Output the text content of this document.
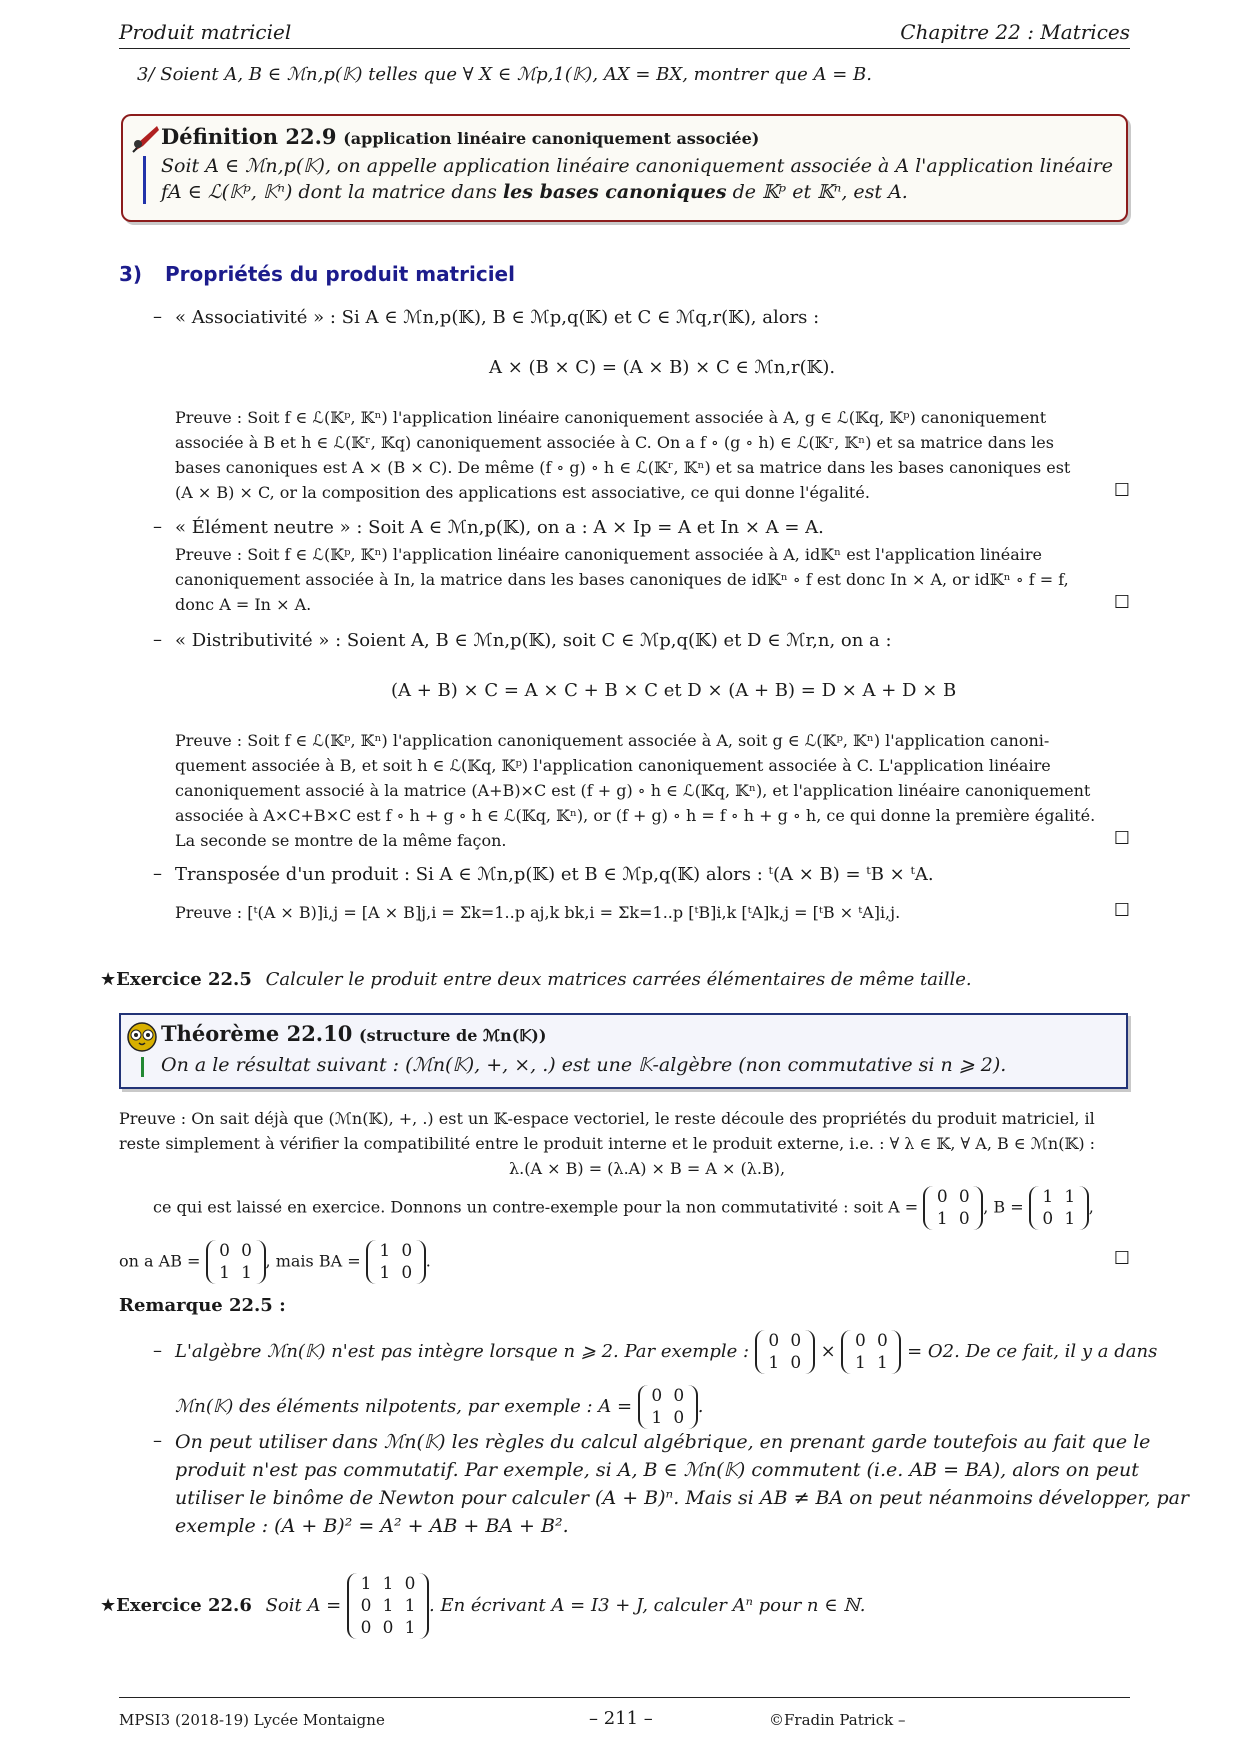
Produit matriciel	Chapitre 22 : Matrices
3/ Soient A, B ∈ ℳn,p(𝕂) telles que ∀ X ∈ ℳp,1(𝕂), AX = BX, montrer que A = B.
Définition 22.9 (application linéaire canoniquement associée)
Soit A ∈ ℳn,p(𝕂), on appelle application linéaire canoniquement associée à A l'application linéaire
fA ∈ ℒ(𝕂ᵖ, 𝕂ⁿ) dont la matrice dans les bases canoniques de 𝕂ᵖ et 𝕂ⁿ, est A.
3) Propriétés du produit matriciel
– « Associativité » : Si A ∈ ℳn,p(𝕂), B ∈ ℳp,q(𝕂) et C ∈ ℳq,r(𝕂), alors :
A × (B × C) = (A × B) × C ∈ ℳn,r(𝕂).
Preuve : Soit f ∈ ℒ(𝕂ᵖ, 𝕂ⁿ) l'application linéaire canoniquement associée à A, g ∈ ℒ(𝕂q, 𝕂ᵖ) canoniquement
associée à B et h ∈ ℒ(𝕂ʳ, 𝕂q) canoniquement associée à C. On a f ∘ (g ∘ h) ∈ ℒ(𝕂ʳ, 𝕂ⁿ) et sa matrice dans les
bases canoniques est A × (B × C). De même (f ∘ g) ∘ h ∈ ℒ(𝕂ʳ, 𝕂ⁿ) et sa matrice dans les bases canoniques est
(A × B) × C, or la composition des applications est associative, ce qui donne l'égalité.	☐
– « Élément neutre » : Soit A ∈ ℳn,p(𝕂), on a : A × Ip = A et In × A = A.
Preuve : Soit f ∈ ℒ(𝕂ᵖ, 𝕂ⁿ) l'application linéaire canoniquement associée à A, id𝕂ⁿ est l'application linéaire
canoniquement associée à In, la matrice dans les bases canoniques de id𝕂ⁿ ∘ f est donc In × A, or id𝕂ⁿ ∘ f = f,
donc A = In × A.	☐
– « Distributivité » : Soient A, B ∈ ℳn,p(𝕂), soit C ∈ ℳp,q(𝕂) et D ∈ ℳr,n, on a :
(A + B) × C = A × C + B × C et D × (A + B) = D × A + D × B
Preuve : Soit f ∈ ℒ(𝕂ᵖ, 𝕂ⁿ) l'application canoniquement associée à A, soit g ∈ ℒ(𝕂ᵖ, 𝕂ⁿ) l'application canoni-
quement associée à B, et soit h ∈ ℒ(𝕂q, 𝕂ᵖ) l'application canoniquement associée à C. L'application linéaire
canoniquement associé à la matrice (A+B)×C est (f + g) ∘ h ∈ ℒ(𝕂q, 𝕂ⁿ), et l'application linéaire canoniquement
associée à A×C+B×C est f ∘ h + g ∘ h ∈ ℒ(𝕂q, 𝕂ⁿ), or (f + g) ∘ h = f ∘ h + g ∘ h, ce qui donne la première égalité.
La seconde se montre de la même façon.	☐
– Transposée d'un produit : Si A ∈ ℳn,p(𝕂) et B ∈ ℳp,q(𝕂) alors : ᵗ(A × B) = ᵗB × ᵗA.
Preuve : [ᵗ(A × B)]i,j = [A × B]j,i = Σk=1..p aj,k bk,i = Σk=1..p [ᵗB]i,k [ᵗA]k,j = [ᵗB × ᵗA]i,j.	☐
★Exercice 22.5 Calculer le produit entre deux matrices carrées élémentaires de même taille.
Théorème 22.10 (structure de ℳn(𝕂))
On a le résultat suivant : (ℳn(𝕂), +, ×, .) est une 𝕂-algèbre (non commutative si n ⩾ 2).
Preuve : On sait déjà que (ℳn(𝕂), +, .) est un 𝕂-espace vectoriel, le reste découle des propriétés du produit matriciel, il
reste simplement à vérifier la compatibilité entre le produit interne et le produit externe, i.e. : ∀ λ ∈ 𝕂, ∀ A, B ∈ ℳn(𝕂) :
λ.(A × B) = (λ.A) × B = A × (λ.B),
ce qui est laissé en exercice. Donnons un contre-exemple pour la non commutativité : soit A = 0 0
1 0, B = 1 1
0 1,
on a AB = 0 0
1 1, mais BA = 1 0
1 0.	☐
Remarque 22.5 :
– L'algèbre ℳn(𝕂) n'est pas intègre lorsque n ⩾ 2. Par exemple : 0 0
1 0 × 0 0
1 1 = O2. De ce fait, il y a dans
ℳn(𝕂) des éléments nilpotents, par exemple : A = 0 0
1 0.
– On peut utiliser dans ℳn(𝕂) les règles du calcul algébrique, en prenant garde toutefois au fait que le
produit n'est pas commutatif. Par exemple, si A, B ∈ ℳn(𝕂) commutent (i.e. AB = BA), alors on peut
utiliser le binôme de Newton pour calculer (A + B)ⁿ. Mais si AB ≠ BA on peut néanmoins développer, par
exemple : (A + B)² = A² + AB + BA + B².
★Exercice 22.6 Soit A = 1 1 0
0 1 1
0 0 1. En écrivant A = I3 + J, calculer Aⁿ pour n ∈ ℕ.
MPSI3 (2018-19) Lycée Montaigne	– 211 –	©Fradin Patrick –
